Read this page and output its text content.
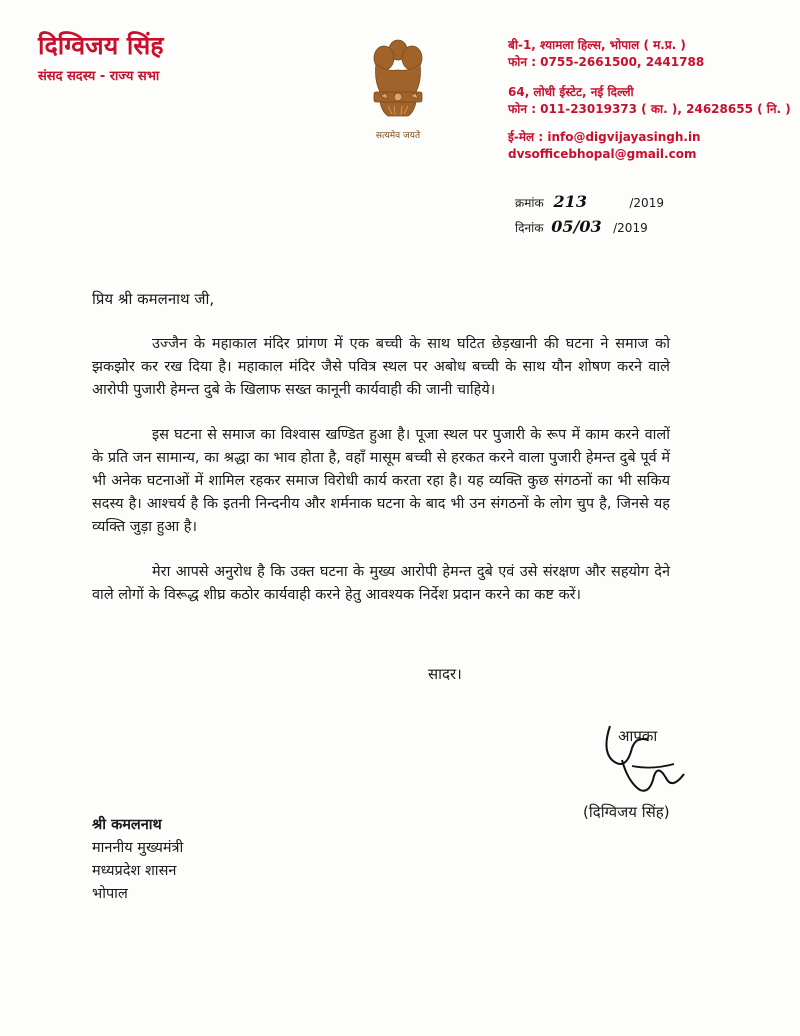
दिग्विजय सिंह
संसद सदस्य - राज्य सभा
सत्यमेव जयते
बी-1, श्यामला हिल्स, भोपाल ( म.प्र. )
फोन : 0755-2661500, 2441788
64, लोधी ईस्टेट, नई दिल्ली
फोन : 011-23019373 ( का. ), 24628655 ( नि. )
ई-मेल : info@digvijayasingh.in
dvsofficebhopal@gmail.com
क्रमांक 213	/2019
दिनांक 05/03 /2019

प्रिय श्री कमलनाथ जी,

उज्जैन के महाकाल मंदिर प्रांगण में एक बच्ची के साथ घटित छेड़खानी की घटना ने समाज को झकझोर कर रख दिया है। महाकाल मंदिर जैसे पवित्र स्थल पर अबोध बच्ची के साथ यौन शोषण करने वाले आरोपी पुजारी हेमन्त दुबे के खिलाफ सख्त कानूनी कार्यवाही की जानी चाहिये।

इस घटना से समाज का विश्वास खण्डित हुआ है। पूजा स्थल पर पुजारी के रूप में काम करने वालों के प्रति जन सामान्य, का श्रद्धा का भाव होता है, वहाँ मासूम बच्ची से हरकत करने वाला पुजारी हेमन्त दुबे पूर्व में भी अनेक घटनाओं में शामिल रहकर समाज विरोधी कार्य करता रहा है। यह व्यक्ति कुछ संगठनों का भी सकिय सदस्य है। आश्चर्य है कि इतनी निन्दनीय और शर्मनाक घटना के बाद भी उन संगठनों के लोग चुप है, जिनसे यह व्यक्ति जुड़ा हुआ है।

मेरा आपसे अनुरोध है कि उक्त घटना के मुख्य आरोपी हेमन्त दुबे एवं उसे संरक्षण और सहयोग देने वाले लोगों के विरूद्ध शीघ्र कठोर कार्यवाही करने हेतु आवश्यक निर्देश प्रदान करने का कष्ट करें।

सादर।
आपका
(दिग्विजय सिंह)
श्री कमलनाथ
माननीय मुख्यमंत्री
मध्यप्रदेश शासन
भोपाल
